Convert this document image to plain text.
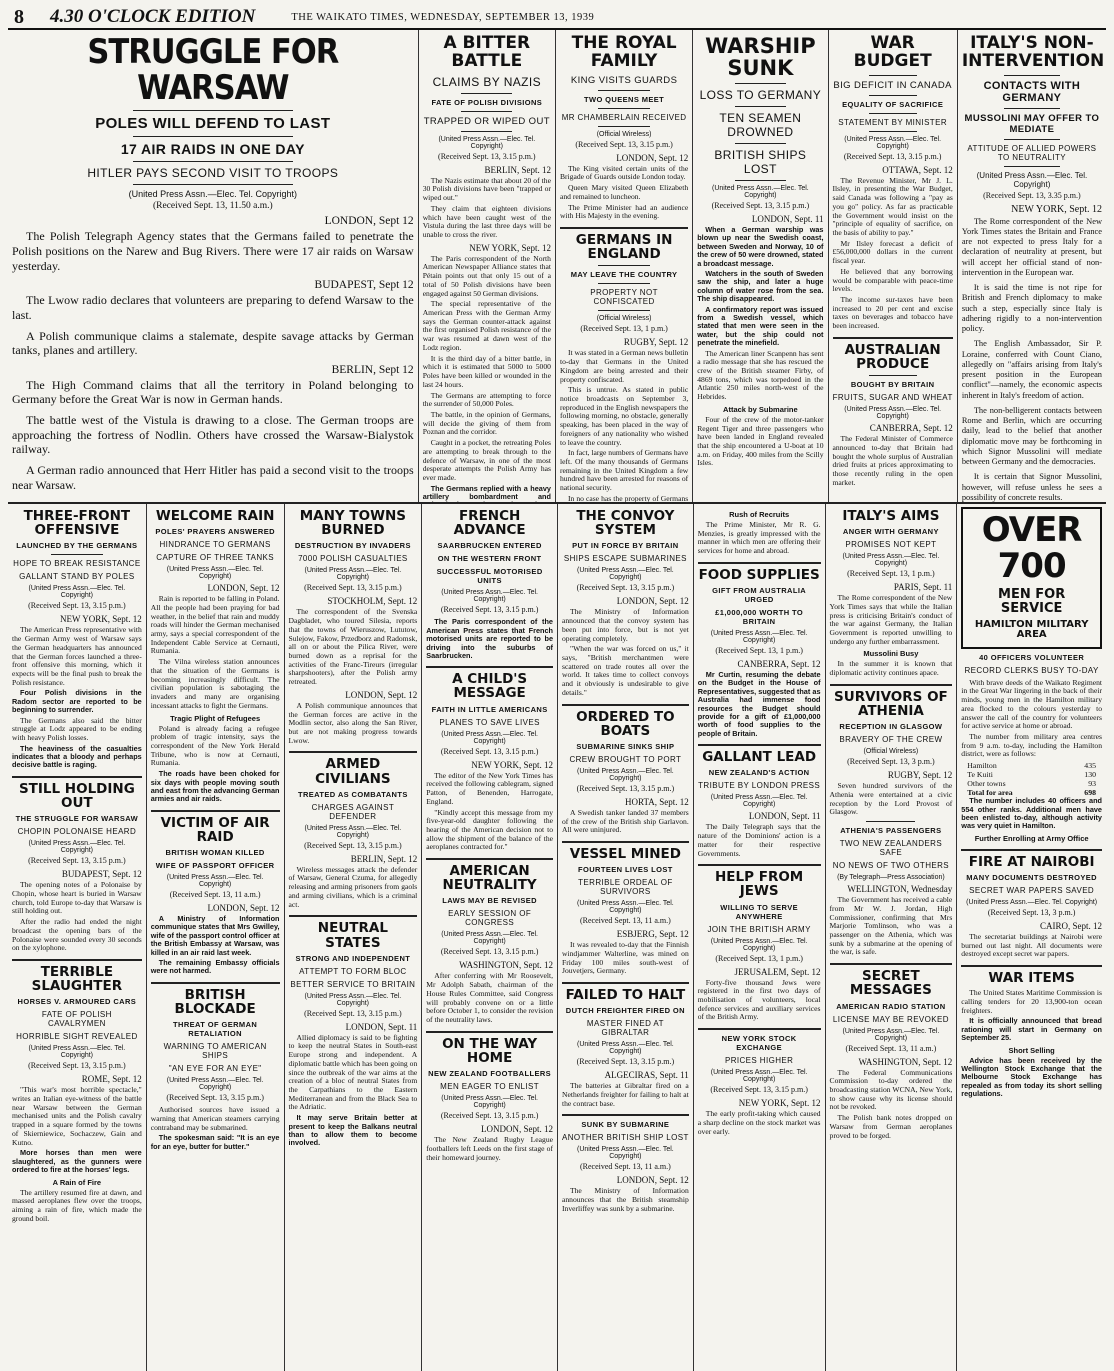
8 4.30 O'CLOCK EDITION	THE WAIKATO TIMES, WEDNESDAY, SEPTEMBER 13, 1939
STRUGGLE FOR WARSAW
POLES WILL DEFEND TO LAST
17 AIR RAIDS IN ONE DAY
HITLER PAYS SECOND VISIT TO TROOPS
(United Press Assn.—Elec. Tel. Copyright)
(Received Sept. 13, 11.50 a.m.)
LONDON, Sept 12

The Polish Telegraph Agency states that the Germans failed to penetrate the Polish positions on the Narew and Bug Rivers. There were 17 air raids on Warsaw yesterday.

BUDAPEST, Sept 12

The Lwow radio declares that volunteers are preparing to defend Warsaw to the last.

A Polish communique claims a stalemate, despite savage attacks by German tanks, planes and artillery.

BERLIN, Sept 12

The High Command claims that all the territory in Poland belonging to Germany before the Great War is now in German hands.

The battle west of the Vistula is drawing to a close. The German troops are approaching the fortress of Nodlin. Others have crossed the Warsaw-Bialystok railway.

A German radio announced that Herr Hitler has paid a second visit to the troops near Warsaw.

A BITTER BATTLE
CLAIMS BY NAZIS
FATE OF POLISH DIVISIONS
TRAPPED OR WIPED OUT
(United Press Assn.—Elec. Tel. Copyright)
(Received Sept. 13, 3.15 p.m.)
BERLIN, Sept. 12

The Nazis estimate that about 20 of the 30 Polish divisions have been "trapped or wiped out."

They claim that eighteen divisions which have been caught west of the Vistula during the last three days will be unable to cross the river.

NEW YORK, Sept. 12

The Paris correspondent of the North American Newspaper Alliance states that Pétain points out that only 15 out of a total of 50 Polish divisions have been engaged against 50 German divisions.

The special representative of the American Press with the German Army says the German counter-attack against the first organised Polish resistance of the war was resumed at dawn west of the Lodz region.

It is the third day of a bitter battle, in which it is estimated that 5000 to 5000 Poles have been killed or wounded in the last 24 hours.

The Germans are attempting to force the surrender of 50,000 Poles.

The battle, in the opinion of Germans, will decide the giving of them from Poznan and the corridor.

Caught in a pocket, the retreating Poles are attempting to break through to the defence of Warsaw, in one of the most desperate attempts the Polish Army has ever made.

The Germans replied with a heavy artillery bombardment and

THE ROYAL FAMILY
KING VISITS GUARDS
TWO QUEENS MEET
MR CHAMBERLAIN RECEIVED
(Official Wireless)
(Received Sept. 13, 3.15 p.m.)
LONDON, Sept. 12

The King visited certain units of the Brigade of Guards outside London today.

Queen Mary visited Queen Elizabeth and remained to luncheon.

The Prime Minister had an audience with His Majesty in the evening.

GERMANS IN ENGLAND
MAY LEAVE THE COUNTRY
PROPERTY NOT CONFISCATED
(Official Wireless)
(Received Sept. 13, 1 p.m.)
RUGBY, Sept. 12

It was stated in a German news bulletin to-day that Germans in the United Kingdom are being arrested and their property confiscated.

This is untrue. As stated in public notice broadcasts on September 3, reproduced in the English newspapers the following morning, no obstacle, generally speaking, has been placed in the way of foreigners of any nationality who wished to leave the country.

In fact, large numbers of Germans have left. Of the many thousands of Germans remaining in the United Kingdom a few hundred have been arrested for reasons of national security.

In no case has the property of Germans

WARSHIP SUNK
LOSS TO GERMANY
TEN SEAMEN DROWNED
BRITISH SHIPS LOST
(United Press Assn.—Elec. Tel. Copyright)
(Received Sept. 13, 3.15 p.m.)
LONDON, Sept. 11

When a German warship was blown up near the Swedish coast, between Sweden and Norway, 10 of the crew of 50 were drowned, stated a broadcast message.

Watchers in the south of Sweden saw the ship, and later a huge column of water rose from the sea. The ship disappeared.

A confirmatory report was issued from a Swedish vessel, which stated that men were seen in the water, but the ship could not penetrate the minefield.

The American liner Scanpenn has sent a radio message that she has rescued the crew of the British steamer Firby, of 4869 tons, which was torpedoed in the Atlantic 250 miles north-west of the Hebrides.

Attack by Submarine

Four of the crew of the motor-tanker Regent Tiger and three passengers who have been landed in England revealed that the ship encountered a U-boat at 10 a.m. on Friday, 400 miles from the Scilly Isles.

WAR BUDGET
BIG DEFICIT IN CANADA
EQUALITY OF SACRIFICE
STATEMENT BY MINISTER
(United Press Assn.—Elec. Tel. Copyright)
(Received Sept. 13, 3.15 p.m.)
OTTAWA, Sept. 12

The Revenue Minister, Mr J. L. Ilsley, in presenting the War Budget, said Canada was following a "pay as you go" policy. As far as practicable the Government would insist on the "principle of equality of sacrifice, on the basis of ability to pay."

Mr Ilsley forecast a deficit of £56,000,000 dollars in the current fiscal year.

He believed that any borrowing would be comparable with peace-time levels.

The income sur-taxes have been increased to 20 per cent and excise taxes on beverages and tobacco have been increased.

AUSTRALIAN PRODUCE
BOUGHT BY BRITAIN
FRUITS, SUGAR AND WHEAT
(United Press Assn.—Elec. Tel. Copyright)
CANBERRA, Sept. 12

The Federal Minister of Commerce announced to-day that Britain had bought the whole surplus of Australian dried fruits at prices approximating to those recently ruling in the open market.

ITALY'S NON-INTERVENTION
CONTACTS WITH GERMANY
MUSSOLINI MAY OFFER TO MEDIATE
ATTITUDE OF ALLIED POWERS TO NEUTRALITY
(United Press Assn.—Elec. Tel. Copyright)
(Received Sept. 13, 3.35 p.m.)
NEW YORK, Sept. 12

The Rome correspondent of the New York Times states the Britain and France are not expected to press Italy for a declaration of neutrality at present, but will accept her official stand of non-intervention in the European war.

It is said the time is not ripe for British and French diplomacy to make such a step, especially since Italy is adhering rigidly to a non-intervention policy.

The English Ambassador, Sir P. Loraine, conferred with Count Ciano, allegedly on "affairs arising from Italy's present position in the European conflict"—namely, the economic aspects inherent in Italy's freedom of action.

The non-belligerent contacts between Rome and Berlin, which are occurring daily, lead to the belief that another diplomatic move may be forthcoming in which Signor Mussolini will mediate between Germany and the democracies.

It is certain that Signor Mussolini, however, will refuse unless he sees a possibility of concrete results.

THREE-FRONT OFFENSIVE
LAUNCHED BY THE GERMANS
HOPE TO BREAK RESISTANCE
GALLANT STAND BY POLES
(United Press Assn.—Elec. Tel. Copyright)
(Received Sept. 13, 3.15 p.m.)
NEW YORK, Sept. 12

The American Press representative with the German Army west of Warsaw says the German headquarters has announced that the German forces launched a three-front offensive this morning, which it expects will be the final push to break the Polish resistance.

Four Polish divisions in the Radom sector are reported to be beginning to surrender.

The Germans also said the bitter struggle at Lodz appeared to be ending with heavy Polish losses.

The heaviness of the casualties indicates that a bloody and perhaps decisive battle is raging.

STILL HOLDING OUT
THE STRUGGLE FOR WARSAW
CHOPIN POLONAISE HEARD
(United Press Assn.—Elec. Tel. Copyright)
(Received Sept. 13, 3.15 p.m.)
BUDAPEST, Sept. 12

The opening notes of a Polonaise by Chopin, whose heart is buried in Warsaw church, told Europe to-day that Warsaw is still holding out.

After the radio had ended the night broadcast the opening bars of the Polonaise were sounded every 30 seconds on the xylophone.

TERRIBLE SLAUGHTER
HORSES V. ARMOURED CARS
FATE OF POLISH CAVALRYMEN
HORRIBLE SIGHT REVEALED
(United Press Assn.—Elec. Tel. Copyright)
(Received Sept. 13, 3.15 p.m.)
ROME, Sept. 12

"This war's most horrible spectacle," writes an Italian eye-witness of the battle near Warsaw between the German mechanised units and the Polish cavalry trapped in a square formed by the towns of Skierniewice, Sochaczew, Gain and Kutno.

More horses than men were slaughtered, as the gunners were ordered to fire at the horses' legs.

A Rain of Fire

The artillery resumed fire at dawn, and massed aeroplanes flew over the troops, aiming a rain of fire, which made the ground boil.

WELCOME RAIN
POLES' PRAYERS ANSWERED
HINDRANCE TO GERMANS
CAPTURE OF THREE TANKS
(United Press Assn.—Elec. Tel. Copyright)
LONDON, Sept. 12

Rain is reported to be falling in Poland. All the people had been praying for bad weather, in the belief that rain and muddy roads will hinder the German mechanised army, says a special correspondent of the Independent Cable Service at Cernauti, Rumania.

The Vilna wireless station announces that the situation of the Germans is becoming increasingly difficult. The civilian population is sabotaging the invaders and many are organising incessant attacks to fight the Germans.

Tragic Plight of Refugees

Poland is already facing a refugee problem of tragic intensity, says the correspondent of the New York Herald Tribune, who is now at Cernauti, Rumania.

The roads have been choked for six days with people moving south and east from the advancing German armies and air raids.

VICTIM OF AIR RAID
BRITISH WOMAN KILLED
WIFE OF PASSPORT OFFICER
(United Press Assn.—Elec. Tel. Copyright)
(Received Sept. 13, 11 a.m.)
LONDON, Sept. 12

A Ministry of Information communique states that Mrs Gwilley, wife of the passport control officer at the British Embassy at Warsaw, was killed in an air raid last week.

The remaining Embassy officials were not harmed.

BRITISH BLOCKADE
THREAT OF GERMAN RETALIATION
WARNING TO AMERICAN SHIPS
"AN EYE FOR AN EYE"
(United Press Assn.—Elec. Tel. Copyright)
(Received Sept. 13, 3.15 p.m.)

Authorised sources have issued a warning that American steamers carrying contraband may be submarined.

The spokesman said: "It is an eye for an eye, butter for butter."

MANY TOWNS BURNED
DESTRUCTION BY INVADERS
7000 POLISH CASUALTIES
(United Press Assn.—Elec. Tel. Copyright)
(Received Sept. 13, 3.15 p.m.)
STOCKHOLM, Sept. 12

The correspondent of the Svenska Dagbladet, who toured Silesia, reports that the towns of Wieruszow, Lututow, Sulejow, Fakow, Przedborz and Radomsk, all on or about the Pilica River, were burned down as a reprisal for the activities of the Franc-Tireurs (irregular sharpshooters), after the Polish army retreated.

LONDON, Sept. 12

A Polish communique announces that the German forces are active in the Modlin sector, also along the San River, but are not making progress towards Lwow.

ARMED CIVILIANS
TREATED AS COMBATANTS
CHARGES AGAINST DEFENDER
(United Press Assn.—Elec. Tel. Copyright)
(Received Sept. 13, 3.15 p.m.)
BERLIN, Sept. 12

Wireless messages attack the defender of Warsaw, General Czuma, for allegedly releasing and arming prisoners from gaols and arming civilians, which is a criminal act.

NEUTRAL STATES
STRONG AND INDEPENDENT
ATTEMPT TO FORM BLOC
BETTER SERVICE TO BRITAIN
(United Press Assn.—Elec. Tel. Copyright)
(Received Sept. 13, 3.15 p.m.)
LONDON, Sept. 11

Allied diplomacy is said to be fighting to keep the neutral States in South-east Europe strong and independent. A diplomatic battle which has been going on since the outbreak of the war aims at the creation of a bloc of neutral States from the Carpathians to the Eastern Mediterranean and from the Black Sea to the Adriatic.

It may serve Britain better at present to keep the Balkans neutral than to allow them to become involved.

FRENCH ADVANCE
SAARBRUCKEN ENTERED
ON THE WESTERN FRONT
SUCCESSFUL MOTORISED UNITS
(United Press Assn.—Elec. Tel. Copyright)
(Received Sept. 13, 3.15 p.m.)

The Paris correspondent of the American Press states that French motorised units are reported to be driving into the suburbs of Saarbrucken.

A CHILD'S MESSAGE
FAITH IN LITTLE AMERICANS
PLANES TO SAVE LIVES
(United Press Assn.—Elec. Tel. Copyright)
(Received Sept. 13, 3.15 p.m.)
NEW YORK, Sept. 12

The editor of the New York Times has received the following cablegram, signed Patton, of Benenden, Harrogate, England.

"Kindly accept this message from my five-year-old daughter following the hearing of the American decision not to allow the shipment of the balance of the aeroplanes contracted for."

AMERICAN NEUTRALITY
LAWS MAY BE REVISED
EARLY SESSION OF CONGRESS
(United Press Assn.—Elec. Tel. Copyright)
(Received Sept. 13, 3.15 p.m.)
WASHINGTON, Sept. 12

After conferring with Mr Roosevelt, Mr Adolph Sabath, chairman of the House Rules Committee, said Congress will probably convene on or a little before October 1, to consider the revision of the neutrality laws.

ON THE WAY HOME
NEW ZEALAND FOOTBALLERS
MEN EAGER TO ENLIST
(United Press Assn.—Elec. Tel. Copyright)
(Received Sept. 13, 3.15 p.m.)
LONDON, Sept. 12

The New Zealand Rugby League footballers left Leeds on the first stage of their homeward journey.

THE CONVOY SYSTEM
PUT IN FORCE BY BRITAIN
SHIPS ESCAPE SUBMARINES
(United Press Assn.—Elec. Tel. Copyright)
(Received Sept. 13, 3.15 p.m.)
LONDON, Sept. 12

The Ministry of Information announced that the convoy system has been put into force, but is not yet operating completely.

"When the war was forced on us," it says, "British merchantmen were scattered on trade routes all over the world. It takes time to collect convoys and it obviously is undesirable to give details."

ORDERED TO BOATS
SUBMARINE SINKS SHIP
CREW BROUGHT TO PORT
(United Press Assn.—Elec. Tel. Copyright)
(Received Sept. 13, 3.15 p.m.)
HORTA, Sept. 12

A Swedish tanker landed 37 members of the crew of the British ship Garlavon. All were uninjured.

VESSEL MINED
FOURTEEN LIVES LOST
TERRIBLE ORDEAL OF SURVIVORS
(United Press Assn.—Elec. Tel. Copyright)
(Received Sept. 13, 11 a.m.)
ESBJERG, Sept. 12

It was revealed to-day that the Finnish windjammer Walterline, was mined on Friday 100 miles south-west of Jouvetjers, Germany.

FAILED TO HALT
DUTCH FREIGHTER FIRED ON
MASTER FINED AT GIBRALTAR
(United Press Assn.—Elec. Tel. Copyright)
(Received Sept. 13, 3.15 p.m.)
ALGECIRAS, Sept. 11

The batteries at Gibraltar fired on a Netherlands freighter for failing to halt at the contract base.

SUNK BY SUBMARINE
ANOTHER BRITISH SHIP LOST
(United Press Assn.—Elec. Tel. Copyright)
(Received Sept. 13, 11 a.m.)
LONDON, Sept. 12

The Ministry of Information announces that the British steamship Inverliffey was sunk by a submarine.

Rush of Recruits

The Prime Minister, Mr R. G. Menzies, is greatly impressed with the manner in which men are offering their services for home and abroad.

FOOD SUPPLIES
GIFT FROM AUSTRALIA URGED
£1,000,000 WORTH TO BRITAIN
(United Press Assn.—Elec. Tel. Copyright)
(Received Sept. 13, 1 p.m.)
CANBERRA, Sept. 12

Mr Curtin, resuming the debate on the Budget in the House of Representatives, suggested that as Australia had immense food resources the Budget should provide for a gift of £1,000,000 worth of food supplies to the people of Britain.

GALLANT LEAD
NEW ZEALAND'S ACTION
TRIBUTE BY LONDON PRESS
(United Press Assn.—Elec. Tel. Copyright)
LONDON, Sept. 11

The Daily Telegraph says that the nature of the Dominions' action is a matter for their respective Governments.

HELP FROM JEWS
WILLING TO SERVE ANYWHERE
JOIN THE BRITISH ARMY
(United Press Assn.—Elec. Tel. Copyright)
(Received Sept. 13, 1 p.m.)
JERUSALEM, Sept. 12

Forty-five thousand Jews were registered in the first two days of mobilisation of volunteers, local defence services and auxiliary services of the British Army.

NEW YORK STOCK EXCHANGE
PRICES HIGHER
(United Press Assn.—Elec. Tel. Copyright)
(Received Sept. 13, 3.15 p.m.)
NEW YORK, Sept. 12

The early profit-taking which caused a sharp decline on the stock market was over early.

ITALY'S AIMS
ANGER WITH GERMANY
PROMISES NOT KEPT
(United Press Assn.—Elec. Tel. Copyright)
(Received Sept. 13, 1 p.m.)
PARIS, Sept. 11

The Rome correspondent of the New York Times says that while the Italian press is criticising Britain's conduct of the war against Germany, the Italian Government is reported unwilling to undergo any further embarrassment.

Mussolini Busy

In the summer it is known that diplomatic activity continues apace.

SURVIVORS OF ATHENIA
RECEPTION IN GLASGOW
BRAVERY OF THE CREW
(Official Wireless)
(Received Sept. 13, 3 p.m.)
RUGBY, Sept. 12

Seven hundred survivors of the Athenia were entertained at a civic reception by the Lord Provost of Glasgow.

ATHENIA'S PASSENGERS
TWO NEW ZEALANDERS SAFE
NO NEWS OF TWO OTHERS
(By Telegraph—Press Association)
WELLINGTON, Wednesday

The Government has received a cable from Mr W. J. Jordan, High Commissioner, confirming that Mrs Marjorie Tomlinson, who was a passenger on the Athenia, which was sunk by a submarine at the opening of the war, is safe.

SECRET MESSAGES
AMERICAN RADIO STATION
LICENSE MAY BE REVOKED
(United Press Assn.—Elec. Tel. Copyright)
(Received Sept. 13, 11 a.m.)
WASHINGTON, Sept. 12

The Federal Communications Commission to-day ordered the broadcasting station WCNA, New York, to show cause why its license should not be revoked.

The Polish bank notes dropped on Warsaw from German aeroplanes proved to be forged.

OVER 700
MEN FOR SERVICE
HAMILTON MILITARY AREA
40 OFFICERS VOLUNTEER
RECORD CLERKS BUSY TO-DAY

With brave deeds of the Waikato Regiment in the Great War lingering in the back of their minds, young men in the Hamilton military area flocked to the colours yesterday to answer the call of the country for volunteers for active service at home or abroad.

The number from military area centres from 9 a.m. to-day, including the Hamilton district, were as follows:

Hamilton	435
Te Kuiti	130
Other towns	93
Total for area	698

The number includes 40 officers and 554 other ranks. Additional men have been enlisted to-day, although activity was very quiet in Hamilton.

Further Enrolling at Army Office
FIRE AT NAIROBI
MANY DOCUMENTS DESTROYED
SECRET WAR PAPERS SAVED
(United Press Assn.—Elec. Tel. Copyright)
(Received Sept. 13, 3 p.m.)
CAIRO, Sept. 12

The secretariat buildings at Nairobi were burned out last night. All documents were destroyed except secret war papers.

WAR ITEMS

The United States Maritime Commission is calling tenders for 20 13,900-ton ocean freighters.

It is officially announced that bread rationing will start in Germany on September 25.

Short Selling

Advice has been received by the Wellington Stock Exchange that the Melbourne Stock Exchange has repealed as from today its short selling regulations.
